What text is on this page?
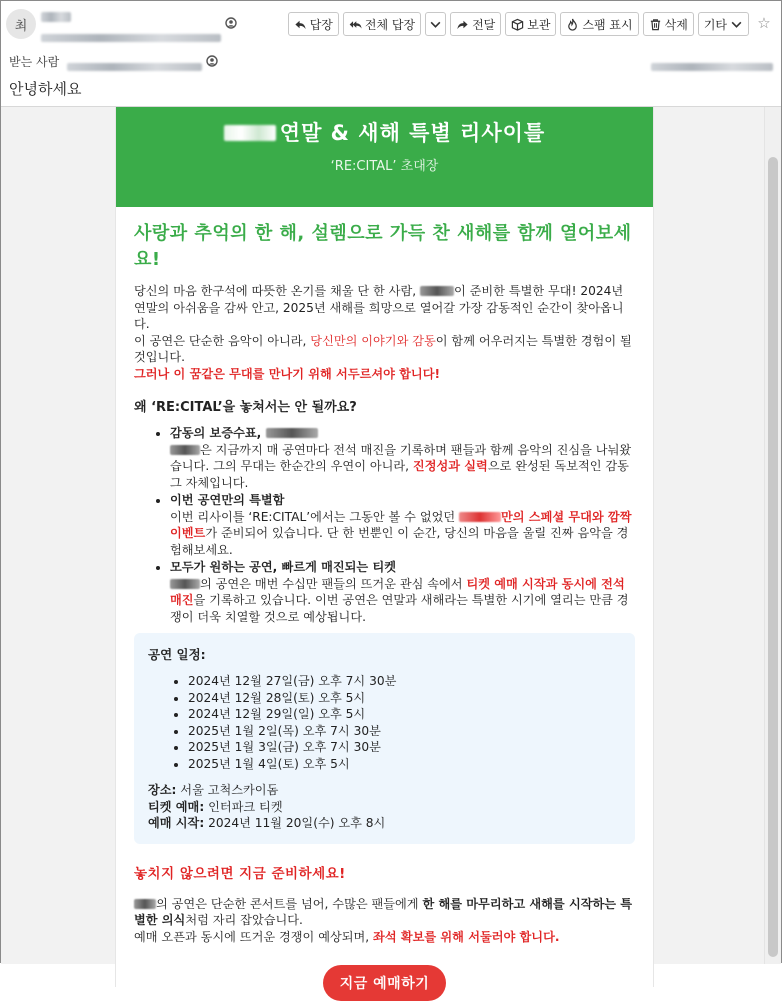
최	답장	전체 답장	전달	보관	스팸 표시	삭제 기타 ☆
받는 사람
안녕하세요
연말 & 새해 특별 리사이틀
‘RE:CITAL’ 초대장

사랑과 추억의 한 해, 설렘으로 가득 찬 새해를 함께 열어보세요!

당신의 마음 한구석에 따뜻한 온기를 채울 단 한 사람,	이 준비한 특별한 무대! 2024년 연말의 아쉬움을 감싸 안고, 2025년 새해를 희망으로 열어갈 가장 감동적인 순간이 찾아옵니다.
이 공연은 단순한 음악이 아니라, 당신만의 이야기와 감동이 함께 어우러지는 특별한 경험이 될 것입니다.
그러나 이 꿈같은 무대를 만나기 위해 서두르셔야 합니다!

왜 ‘RE:CITAL’을 놓쳐서는 안 될까요?
• 감동의 보증수표,
은 지금까지 매 공연마다 전석 매진을 기록하며 팬들과 함께 음악의 진심을 나눠왔습니다. 그의 무대는 한순간의 우연이 아니라, 진정성과 실력으로 완성된 독보적인 감동 그 자체입니다.
• 이번 공연만의 특별함
이번 리사이틀 ‘RE:CITAL’에서는 그동안 볼 수 없었던	만의 스페셜 무대와 깜짝 이벤트가 준비되어 있습니다. 단 한 번뿐인 이 순간, 당신의 마음을 울릴 진짜 음악을 경험해보세요.
• 모두가 원하는 공연, 빠르게 매진되는 티켓
의 공연은 매번 수십만 팬들의 뜨거운 관심 속에서 티켓 예매 시작과 동시에 전석 매진을 기록하고 있습니다. 이번 공연은 연말과 새해라는 특별한 시기에 열리는 만큼 경쟁이 더욱 치열할 것으로 예상됩니다.
공연 일정:
• 2024년 12월 27일(금) 오후 7시 30분
• 2024년 12월 28일(토) 오후 5시
• 2024년 12월 29일(일) 오후 5시
• 2025년 1월 2일(목) 오후 7시 30분
• 2025년 1월 3일(금) 오후 7시 30분
• 2025년 1월 4일(토) 오후 5시
장소: 서울 고척스카이돔
티켓 예매: 인터파크 티켓
예매 시작: 2024년 11월 20일(수) 오후 8시
놓치지 않으려면 지금 준비하세요!

의 공연은 단순한 콘서트를 넘어, 수많은 팬들에게 한 해를 마무리하고 새해를 시작하는 특별한 의식처럼 자리 잡았습니다.
예매 오픈과 동시에 뜨거운 경쟁이 예상되며, 좌석 확보를 위해 서둘러야 합니다.

지금 예매하기
